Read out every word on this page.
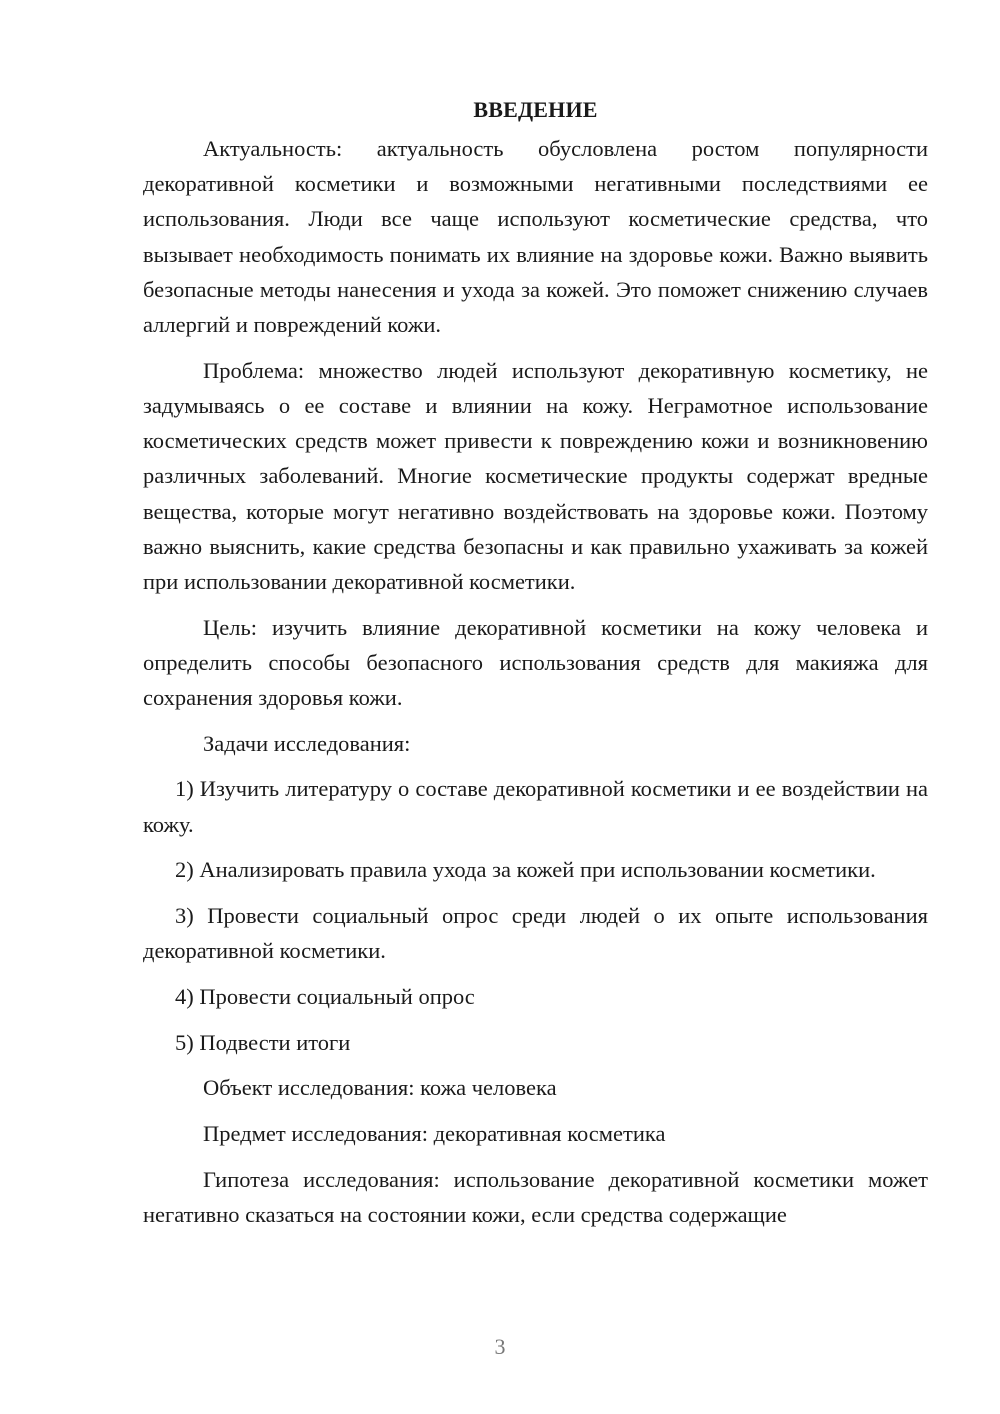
ВВЕДЕНИЕ

Актуальность: актуальность обусловлена ростом популярности декоративной косметики и возможными негативными последствиями ее использования. Люди все чаще используют косметические средства, что вызывает необходимость понимать их влияние на здоровье кожи. Важно выявить безопасные методы нанесения и ухода за кожей. Это поможет снижению случаев аллергий и повреждений кожи.

Проблема: множество людей используют декоративную косметику, не задумываясь о ее составе и влиянии на кожу. Неграмотное использование косметических средств может привести к повреждению кожи и возникновению различных заболеваний. Многие косметические продукты содержат вредные вещества, которые могут негативно воздействовать на здоровье кожи. Поэтому важно выяснить, какие средства безопасны и как правильно ухаживать за кожей при использовании декоративной косметики.

Цель: изучить влияние декоративной косметики на кожу человека и определить способы безопасного использования средств для макияжа для сохранения здоровья кожи.

Задачи исследования:

1) Изучить литературу о составе декоративной косметики и ее воздействии на кожу.

2) Анализировать правила ухода за кожей при использовании косметики.

3) Провести социальный опрос среди людей о их опыте использования декоративной косметики.

4) Провести социальный опрос

5) Подвести итоги

Объект исследования: кожа человека

Предмет исследования: декоративная косметика

Гипотеза исследования: использование декоративной косметики может негативно сказаться на состоянии кожи, если средства содержащие

3
